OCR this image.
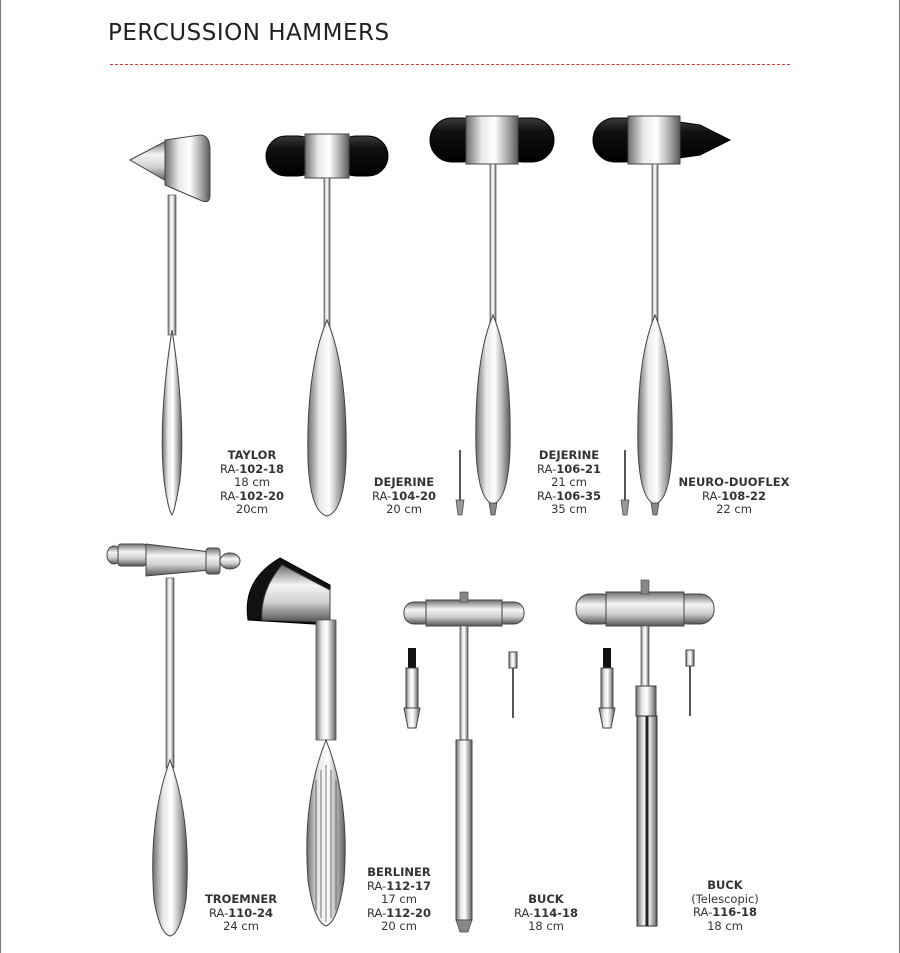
PERCUSSION HAMMERS
TAYLOR
RA-102-18
18 cm
RA-102-20
20cm
DEJERINE
RA-104-20
20 cm
DEJERINE
RA-106-21
21 cm
RA-106-35
35 cm
NEURO-DUOFLEX
RA-108-22
22 cm
TROEMNER
RA-110-24
24 cm
BERLINER
RA-112-17
17 cm
RA-112-20
20 cm
BUCK
RA-114-18
18 cm
BUCK
(Telescopic)
RA-116-18
18 cm
